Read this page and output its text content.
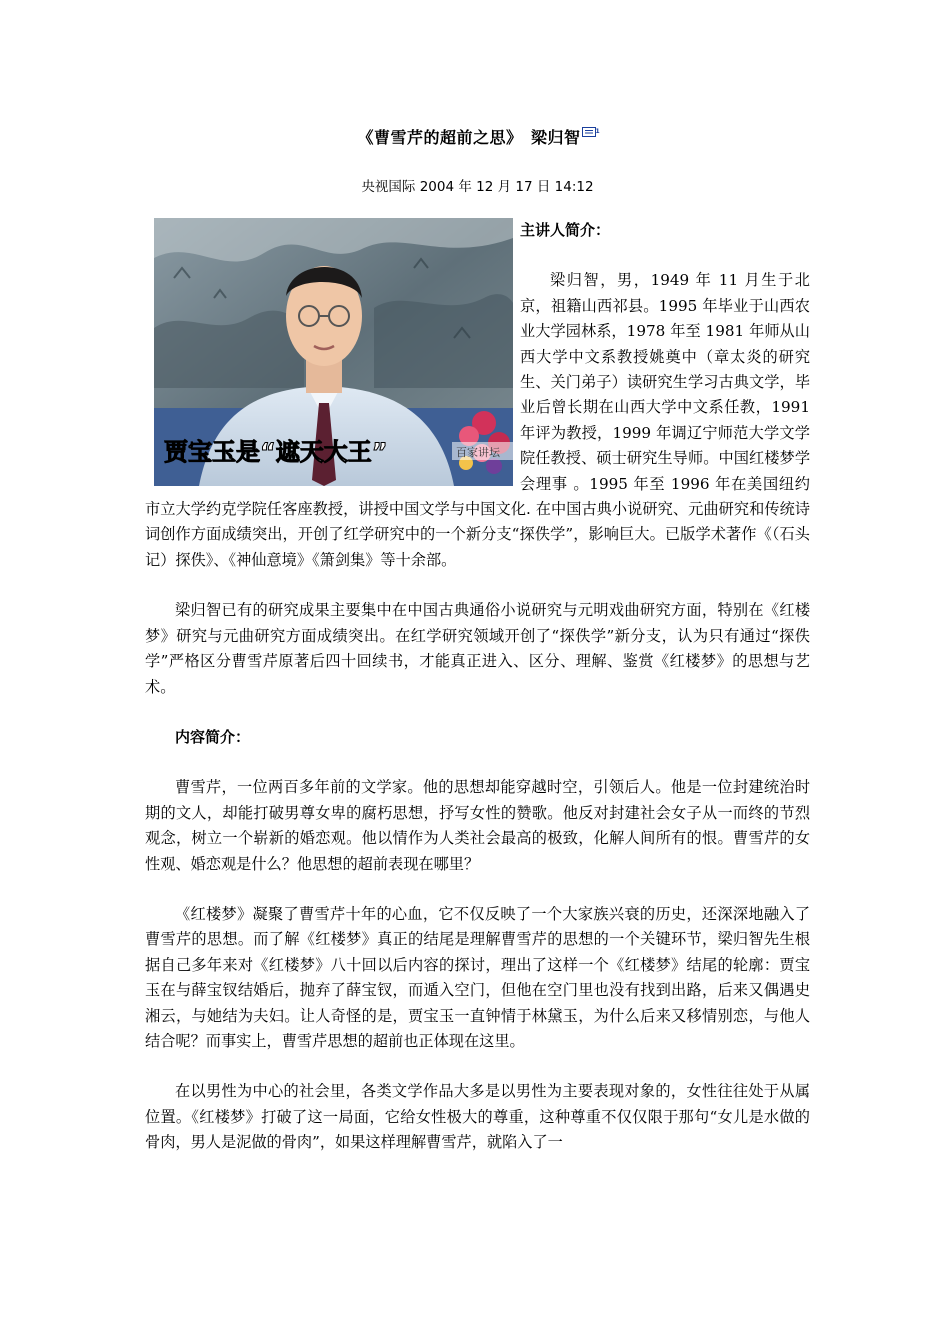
《曹雪芹的超前之思》　梁归智 1
央视国际 2004 年 12 月 17 日 14:12
贾宝玉是“遮天大王”	百家讲坛

主讲人简介：

梁归智，男，1949 年 11 月生于北京，祖籍山西祁县。1995 年毕业于山西农业大学园林系，1978 年至 1981 年师从山西大学中文系教授姚奠中（章太炎的研究生、关门弟子）读研究生学习古典文学，毕业后曾长期在山西大学中文系任教，1991 年评为教授，1999 年调辽宁师范大学文学院任教授、硕士研究生导师。中国红楼梦学会理事 。1995 年至 1996 年在美国纽约市立大学约克学院任客座教授，讲授中国文学与中国文化. 在中国古典小说研究、元曲研究和传统诗词创作方面成绩突出，开创了红学研究中的一个新分支“探佚学”，影响巨大。已版学术著作《（石头记）探佚》、《神仙意境》《箫剑集》等十余部。

梁归智已有的研究成果主要集中在中国古典通俗小说研究与元明戏曲研究方面，特别在《红楼梦》研究与元曲研究方面成绩突出。在红学研究领域开创了“探佚学”新分支，认为只有通过“探佚学”严格区分曹雪芹原著后四十回续书，才能真正进入、区分、理解、鉴赏《红楼梦》的思想与艺术。

内容简介：

曹雪芹，一位两百多年前的文学家。他的思想却能穿越时空，引领后人。他是一位封建统治时期的文人，却能打破男尊女卑的腐朽思想，抒写女性的赞歌。他反对封建社会女子从一而终的节烈观念，树立一个崭新的婚恋观。他以情作为人类社会最高的极致，化解人间所有的恨。曹雪芹的女性观、婚恋观是什么？他思想的超前表现在哪里？

《红楼梦》凝聚了曹雪芹十年的心血，它不仅反映了一个大家族兴衰的历史，还深深地融入了曹雪芹的思想。而了解《红楼梦》真正的结尾是理解曹雪芹的思想的一个关键环节，梁归智先生根据自己多年来对《红楼梦》八十回以后内容的探讨，理出了这样一个《红楼梦》结尾的轮廓：贾宝玉在与薛宝钗结婚后，抛弃了薛宝钗，而遁入空门，但他在空门里也没有找到出路，后来又偶遇史湘云，与她结为夫妇。让人奇怪的是，贾宝玉一直钟情于林黛玉，为什么后来又移情别恋，与他人结合呢？而事实上，曹雪芹思想的超前也正体现在这里。

在以男性为中心的社会里，各类文学作品大多是以男性为主要表现对象的，女性往往处于从属位置。《红楼梦》打破了这一局面，它给女性极大的尊重，这种尊重不仅仅限于那句“女儿是水做的骨肉，男人是泥做的骨肉”，如果这样理解曹雪芹，就陷入了一
